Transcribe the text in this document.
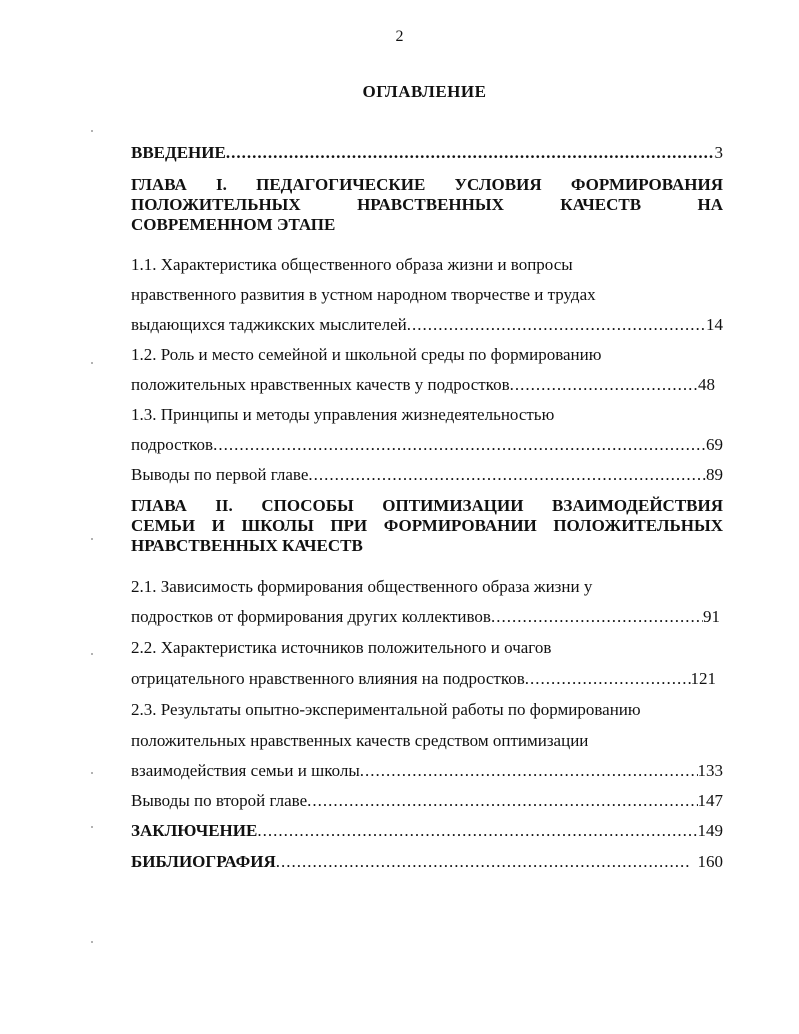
2
ОГЛАВЛЕНИЕ
ВВЕДЕНИЕ .....	3
ГЛАВА I. ПЕДАГОГИЧЕСКИЕ УСЛОВИЯ ФОРМИРОВАНИЯ
ПОЛОЖИТЕЛЬНЫХ НРАВСТВЕННЫХ КАЧЕСТВ НА
СОВРЕМЕННОМ ЭТАПЕ
1.1. Характеристика общественного образа жизни и вопросы
нравственного развития в устном народном творчестве и трудах
выдающихся таджикских мыслителей .....	14
1.2. Роль и место семейной и школьной среды по формированию
положительных нравственных качеств у подростков .....	48
1.3. Принципы и методы управления жизнедеятельностью
подростков .....	69
Выводы по первой главе .....	89
ГЛАВА II. СПОСОБЫ ОПТИМИЗАЦИИ ВЗАИМОДЕЙСТВИЯ
СЕМЬИ И ШКОЛЫ ПРИ ФОРМИРОВАНИИ ПОЛОЖИТЕЛЬНЫХ
НРАВСТВЕННЫХ КАЧЕСТВ
2.1. Зависимость формирования общественного образа жизни у
подростков от формирования других коллективов .....	91
2.2. Характеристика источников положительного и очагов
отрицательного нравственного влияния на подростков .....	121
2.3. Результаты опытно-экспериментальной работы по формированию
положительных нравственных качеств средством оптимизации
взаимодействия семьи и школы .....	133
Выводы по второй главе .....	147
ЗАКЛЮЧЕНИЕ .....	149
БИБЛИОГРАФИЯ .....	160
